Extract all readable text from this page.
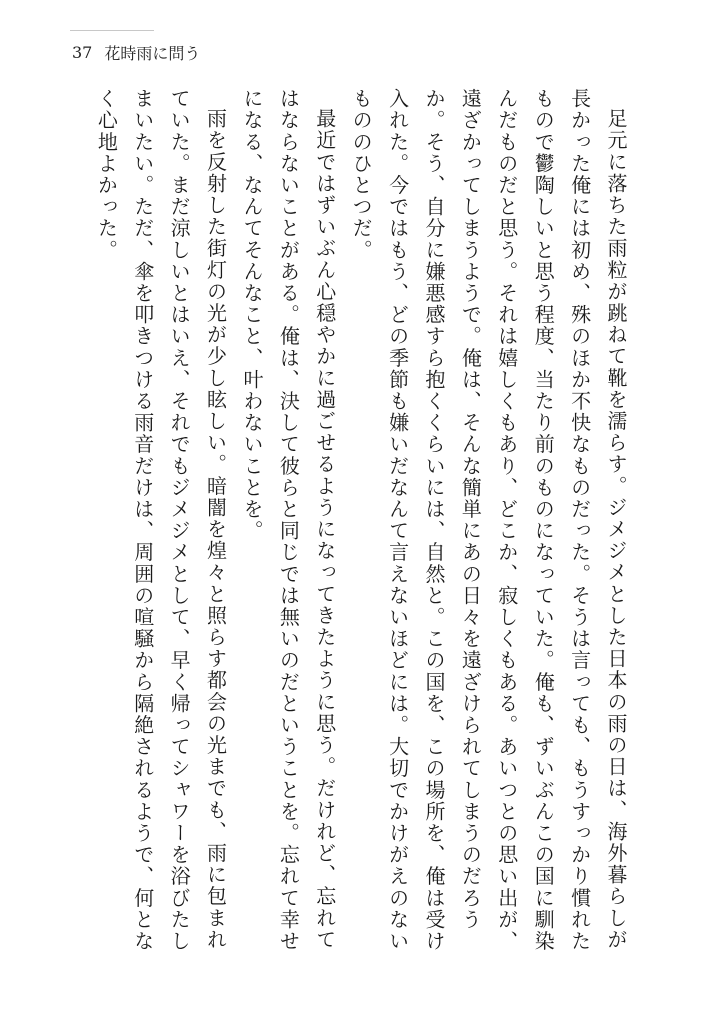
37 花時雨に問う

足元に落ちた雨粒が跳ねて靴を濡らす。ジメジメとした日本の雨の日は、海外暮らしが長かった俺には初め、殊のほか不快なものだった。そうは言っても、もうすっかり慣れたもので鬱陶しいと思う程度、当たり前のものになっていた。俺も、ずいぶんこの国に馴染んだものだと思う。それは嬉しくもあり、どこか、寂しくもある。あいつとの思い出が、遠ざかってしまうようで。俺は、そんな簡単にあの日々を遠ざけられてしまうのだろうか。そう、自分に嫌悪感すら抱くくらいには、自然と。この国を、この場所を、俺は受け入れた。今ではもう、どの季節も嫌いだなんて言えないほどには。大切でかけがえのないもののひとつだ。

最近ではずいぶん心穏やかに過ごせるようになってきたように思う。だけれど、忘れてはならないことがある。俺は、決して彼らと同じでは無いのだということを。忘れて幸せになる、なんてそんなこと、叶わないことを。

雨を反射した街灯の光が少し眩しい。暗闇を煌々と照らす都会の光までも、雨に包まれていた。まだ涼しいとはいえ、それでもジメジメとして、早く帰ってシャワーを浴びたしまいたい。ただ、傘を叩きつける雨音だけは、周囲の喧騒から隔絶されるようで、何となく心地よかった。
